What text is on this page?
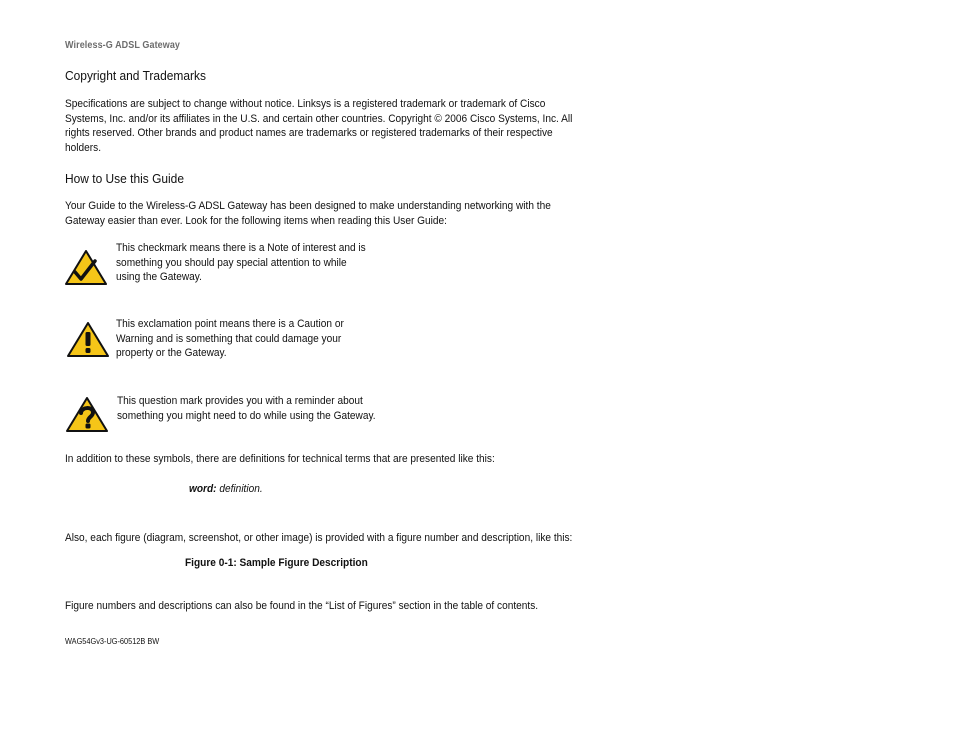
Wireless-G ADSL Gateway
Copyright and Trademarks
Specifications are subject to change without notice. Linksys is a registered trademark or trademark of Cisco Systems, Inc. and/or its affiliates in the U.S. and certain other countries. Copyright © 2006 Cisco Systems, Inc. All rights reserved. Other brands and product names are trademarks or registered trademarks of their respective holders.
How to Use this Guide
Your Guide to the Wireless-G ADSL Gateway has been designed to make understanding networking with the Gateway easier than ever. Look for the following items when reading this User Guide:
This checkmark means there is a Note of interest and is something you should pay special attention to while using the Gateway.
This exclamation point means there is a Caution or Warning and is something that could damage your property or the Gateway.
This question mark provides you with a reminder about something you might need to do while using the Gateway.
In addition to these symbols, there are definitions for technical terms that are presented like this:
word: definition.
Also, each figure (diagram, screenshot, or other image) is provided with a figure number and description, like this:
Figure 0-1: Sample Figure Description
Figure numbers and descriptions can also be found in the “List of Figures” section in the table of contents.
WAG54Gv3-UG-60512B BW
